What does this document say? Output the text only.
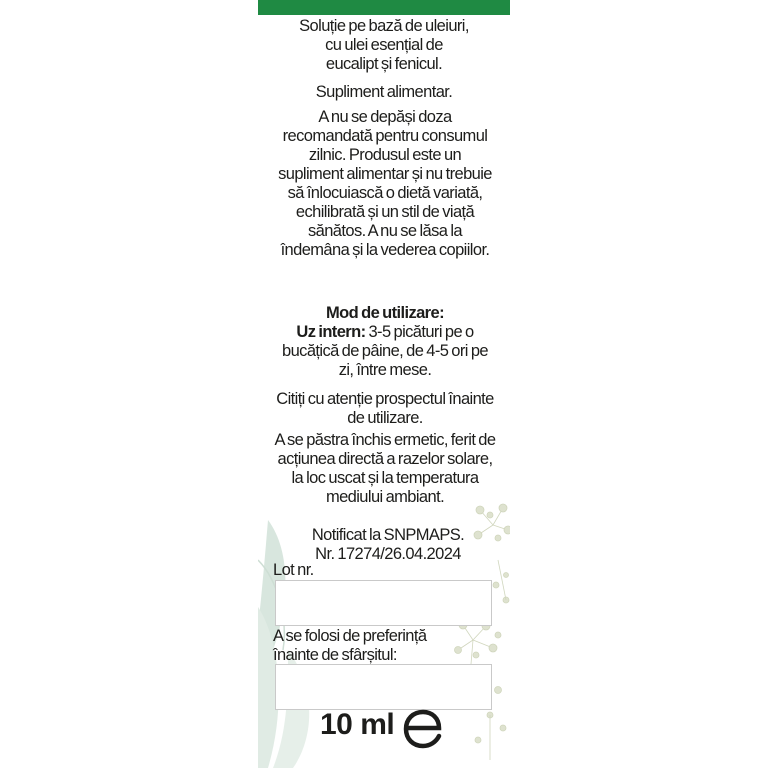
Soluție pe bază de uleiuri,

cu ulei esențial de

eucalipt și fenicul.

Supliment alimentar.

A nu se depăși doza recomandată pentru consumul zilnic. Produsul este un supliment alimentar și nu trebuie să înlocuiască o dietă variată, echilibrată și un stil de viață sănătos. A nu se lăsa la îndemâna și la vederea copiilor.

Mod de utilizare:

Uz intern: 3-5 picături pe o bucățică de pâine, de 4-5 ori pe zi, între mese.

Citiți cu atenție prospectul înainte de utilizare.

A se păstra închis ermetic, ferit de acțiunea directă a razelor solare, la loc uscat și la temperatura mediului ambiant.

Notificat la SNPMAPS.

Nr. 17274/26.04.2024

Lot nr.
A se folosi de preferință
înainte de sfârșitul:
10 ml
